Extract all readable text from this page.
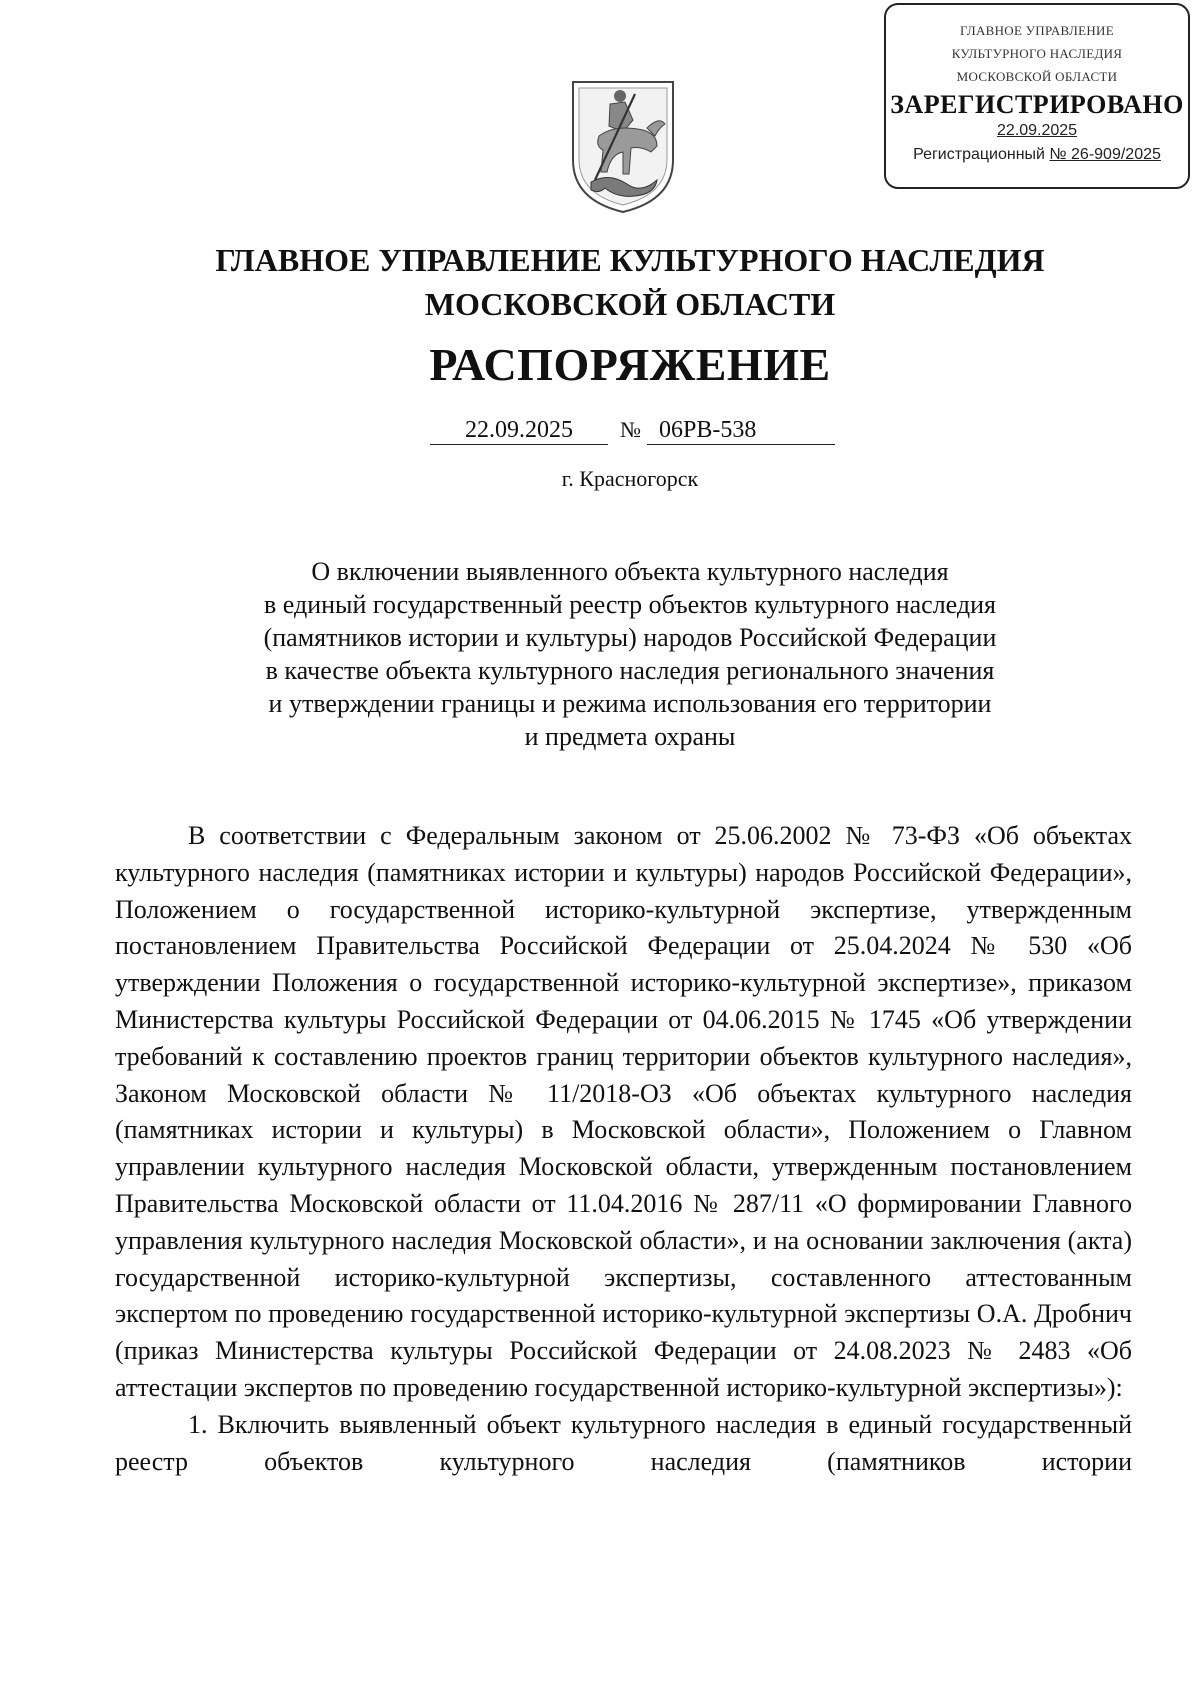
ГЛАВНОЕ УПРАВЛЕНИЕ
КУЛЬТУРНОГО НАСЛЕДИЯ
МОСКОВСКОЙ ОБЛАСТИ
ЗАРЕГИСТРИРОВАНО
22.09.2025
Регистрационный № 26-909/2025
ГЛАВНОЕ УПРАВЛЕНИЕ КУЛЬТУРНОГО НАСЛЕДИЯ
МОСКОВСКОЙ ОБЛАСТИ
РАСПОРЯЖЕНИЕ
22.09.2025 № 06РВ-538
г. Красногорск
О включении выявленного объекта культурного наследия
в единый государственный реестр объектов культурного наследия
(памятников истории и культуры) народов Российской Федерации
в качестве объекта культурного наследия регионального значения
и утверждении границы и режима использования его территории
и предмета охраны

В соответствии с Федеральным законом от 25.06.2002 № 73-ФЗ «Об объектах культурного наследия (памятниках истории и культуры) народов Российской Федерации», Положением о государственной историко-культурной экспертизе, утвержденным постановлением Правительства Российской Федерации от 25.04.2024 № 530 «Об утверждении Положения о государственной историко-культурной экспертизе», приказом Министерства культуры Российской Федерации от 04.06.2015 № 1745 «Об утверждении требований к составлению проектов границ территории объектов культурного наследия», Законом Московской области № 11/2018-ОЗ «Об объектах культурного наследия (памятниках истории и культуры) в Московской области», Положением о Главном управлении культурного наследия Московской области, утвержденным постановлением Правительства Московской области от 11.04.2016 № 287/11 «О формировании Главного управления культурного наследия Московской области», и на основании заключения (акта) государственной историко-культурной экспертизы, составленного аттестованным экспертом по проведению государственной историко-культурной экспертизы О.А. Дробнич (приказ Министерства культуры Российской Федерации от 24.08.2023 № 2483 «Об аттестации экспертов по проведению государственной историко-культурной экспертизы»):

1. Включить выявленный объект культурного наследия в единый государственный реестр объектов культурного наследия (памятников истории
